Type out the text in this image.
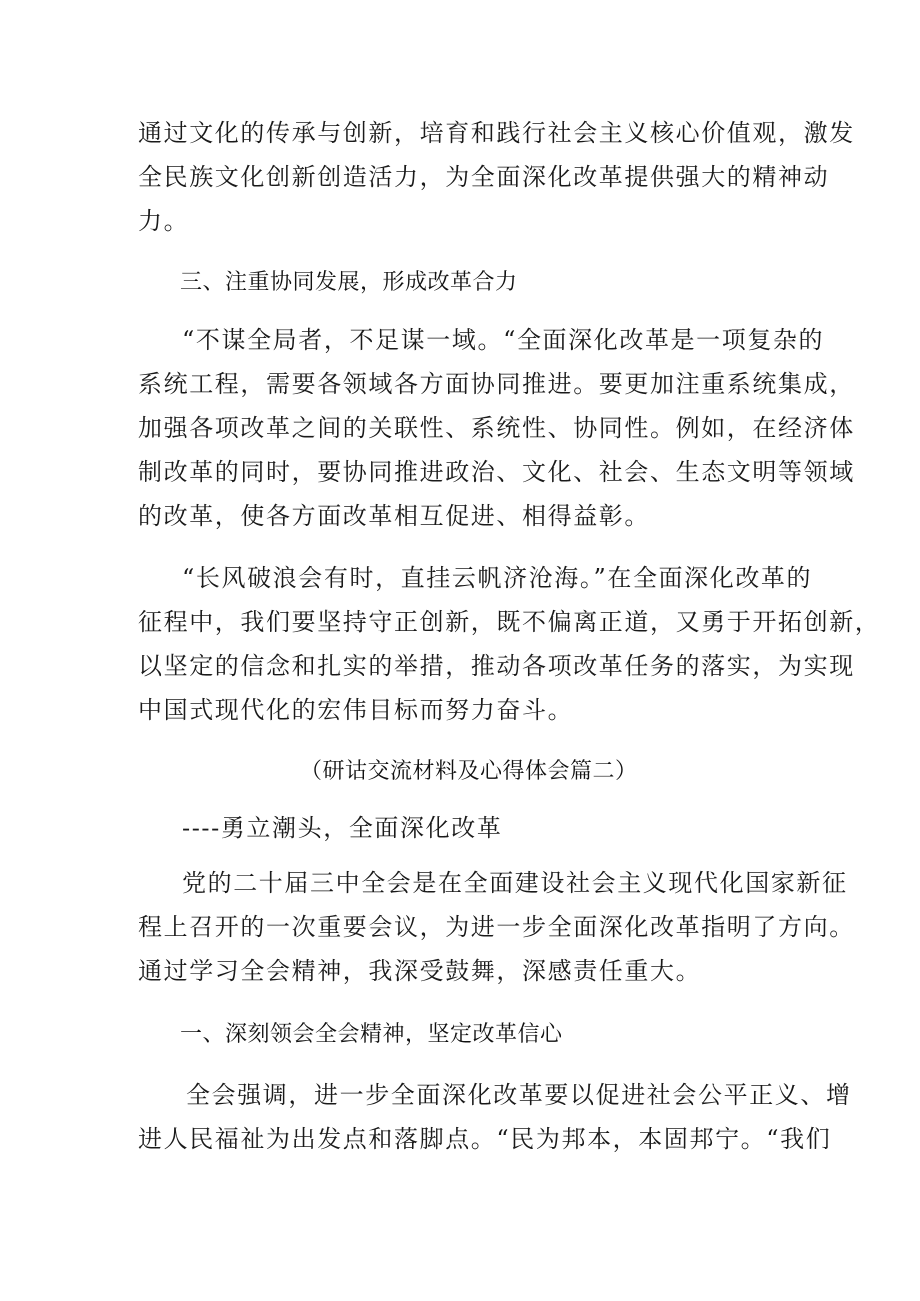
通过文化的传承与创新，培育和践行社会主义核心价值观，激发
全民族文化创新创造活力，为全面深化改革提供强大的精神动
力。
三、注重协同发展，形成改革合力
“不谋全局者，不足谋一域。“全面深化改革是一项复杂的
系统工程，需要各领域各方面协同推进。要更加注重系统集成，
加强各项改革之间的关联性、系统性、协同性。例如，在经济体
制改革的同时，要协同推进政治、文化、社会、生态文明等领域
的改革，使各方面改革相互促进、相得益彰。
“长风破浪会有时，直挂云帆济沧海。”在全面深化改革的
征程中，我们要坚持守正创新，既不偏离正道，又勇于开拓创新，
以坚定的信念和扎实的举措，推动各项改革任务的落实，为实现
中国式现代化的宏伟目标而努力奋斗。
（研诂交流材料及心得体会篇二）
----勇立潮头，全面深化改革
党的二十届三中全会是在全面建设社会主义现代化国家新征
程上召开的一次重要会议，为进一步全面深化改革指明了方向。
通过学习全会精神，我深受鼓舞，深感责任重大。
一、深刻领会全会精神，坚定改革信心
全会强调，进一步全面深化改革要以促进社会公平正义、增
进人民福祉为出发点和落脚点。“民为邦本，本固邦宁。“我们
